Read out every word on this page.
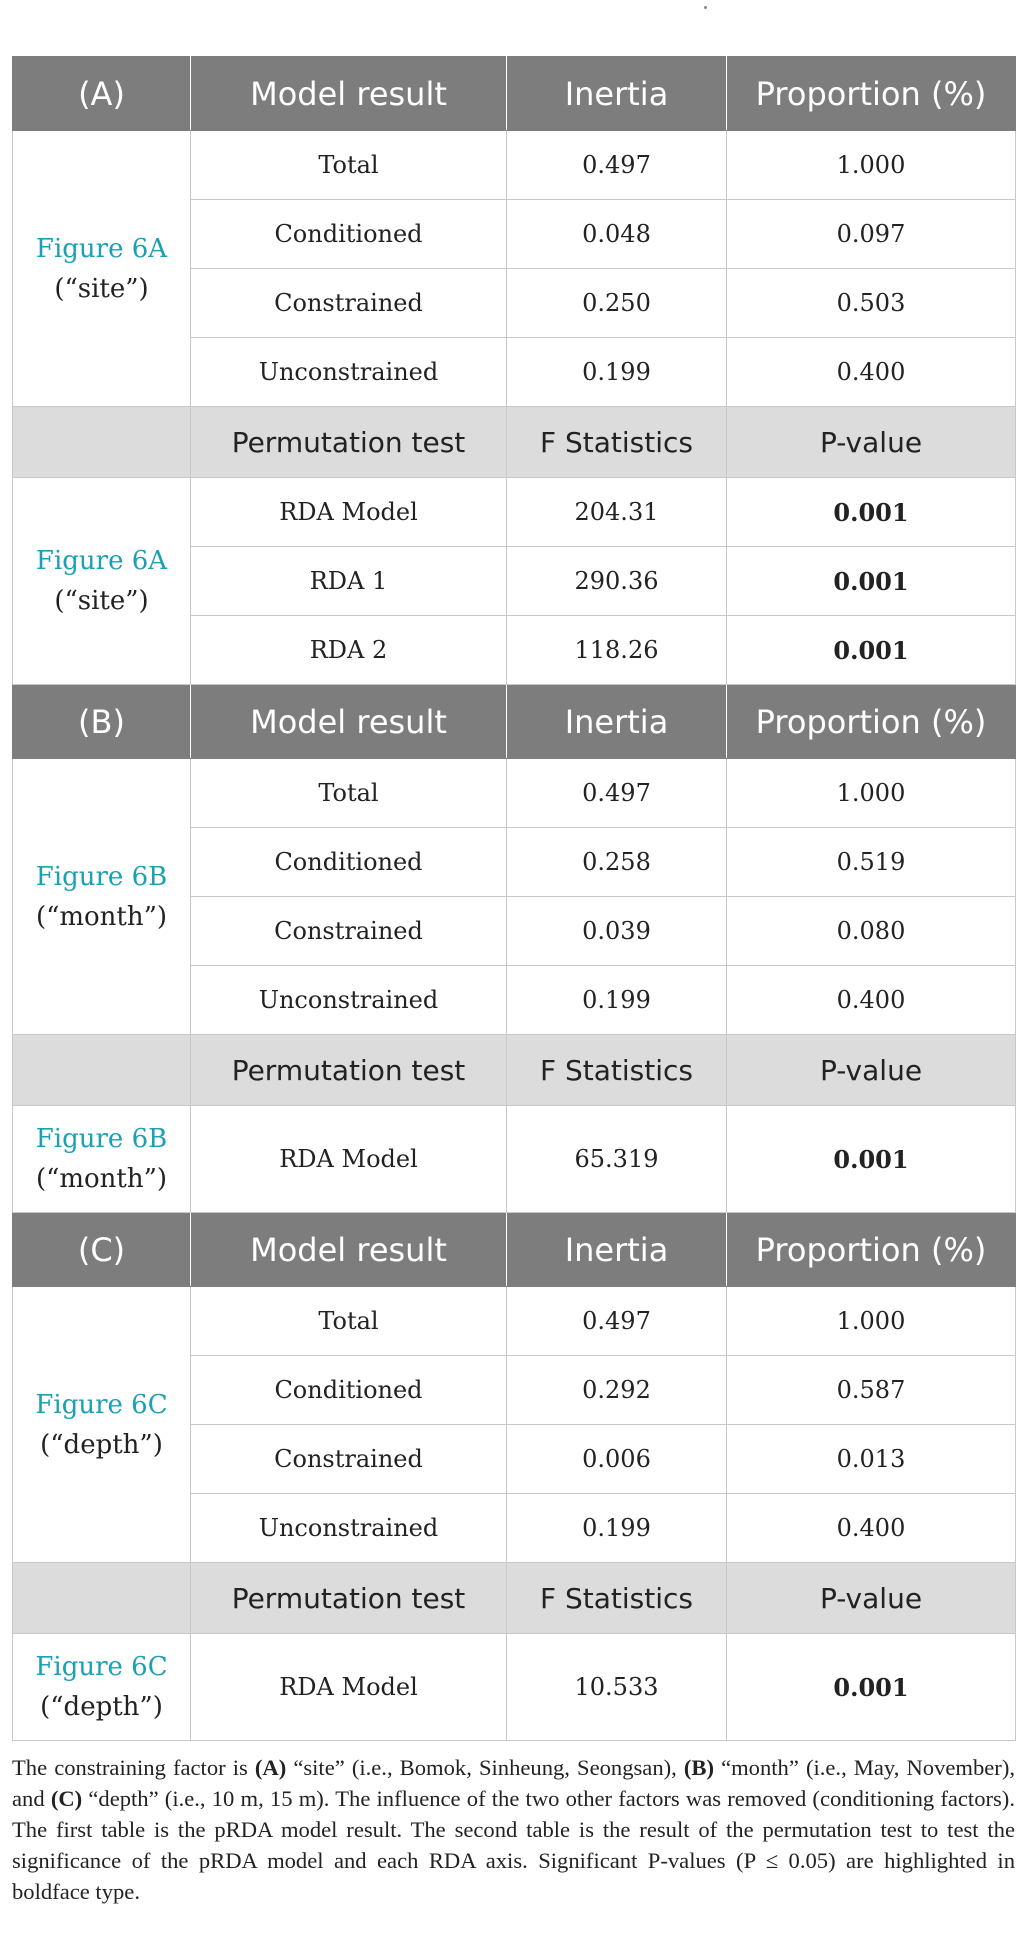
(A)	Model result	Inertia	Proportion (%)

Figure 6A
(“site”)	Total	0.497	1.000
	Conditioned	0.048	0.097
	Constrained	0.250	0.503
	Unconstrained	0.199	0.400
	Permutation test	F Statistics	P-value

Figure 6A
(“site”)	RDA Model	204.31	0.001
	RDA 1	290.36	0.001
	RDA 2	118.26	0.001
(B)	Model result	Inertia	Proportion (%)

Figure 6B
(“month”)	Total	0.497	1.000
	Conditioned	0.258	0.519
	Constrained	0.039	0.080
	Unconstrained	0.199	0.400
	Permutation test	F Statistics	P-value

Figure 6B
(“month”)	RDA Model	65.319	0.001
(C)	Model result	Inertia	Proportion (%)

Figure 6C
(“depth”)	Total	0.497	1.000
	Conditioned	0.292	0.587
	Constrained	0.006	0.013
	Unconstrained	0.199	0.400
	Permutation test	F Statistics	P-value

Figure 6C
(“depth”)	RDA Model	10.533	0.001
The constraining factor is (A) “site” (i.e., Bomok, Sinheung, Seongsan), (B) “month” (i.e., May, November), and (C) “depth” (i.e., 10 m, 15 m). The influence of the two other factors was removed (conditioning factors). The first table is the pRDA model result. The second table is the result of the permutation test to test the significance of the pRDA model and each RDA axis. Significant P-values (P ≤ 0.05) are highlighted in boldface type.
